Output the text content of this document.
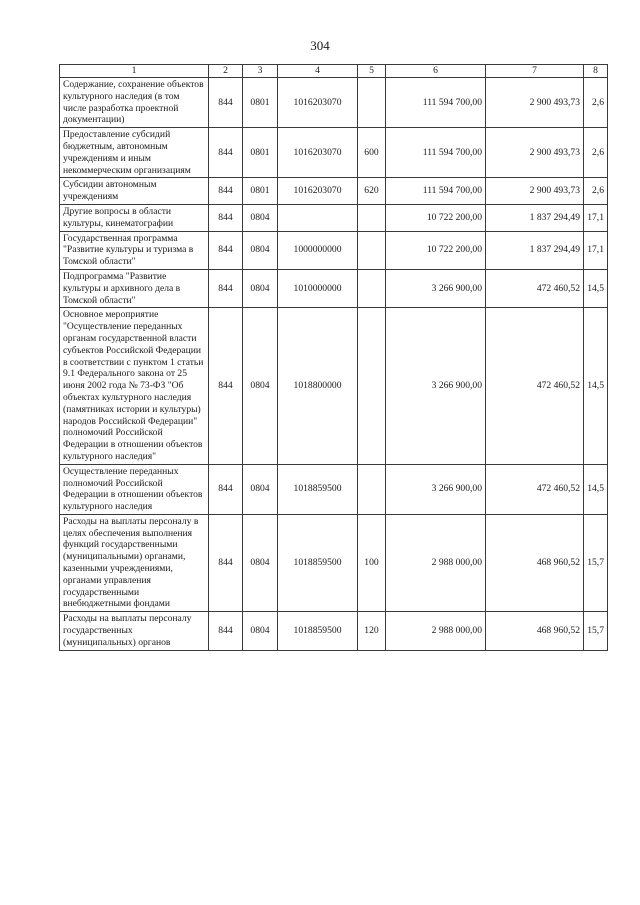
304
1	2	3	4	5	6	7	8
Содержание, сохранение объектов культурного наследия (в том числе разработка проектной документации)	844	0801	1016203070		111 594 700,00	2 900 493,73	2,6
Предоставление субсидий бюджетным, автономным учреждениям и иным некоммерческим организациям	844	0801	1016203070	600	111 594 700,00	2 900 493,73	2,6
Субсидии автономным учреждениям	844	0801	1016203070	620	111 594 700,00	2 900 493,73	2,6
Другие вопросы в области культуры, кинематографии	844	0804			10 722 200,00	1 837 294,49	17,1
Государственная программа "Развитие культуры и туризма в Томской области"	844	0804	1000000000		10 722 200,00	1 837 294,49	17,1
Подпрограмма "Развитие культуры и архивного дела в Томской области"	844	0804	1010000000		3 266 900,00	472 460,52	14,5
Основное мероприятие "Осуществление переданных органам государственной власти субъектов Российской Федерации в соответствии с пунктом 1 статьи 9.1 Федерального закона от 25 июня 2002 года № 73-ФЗ "Об объектах культурного наследия (памятниках истории и культуры) народов Российской Федерации" полномочий Российской Федерации в отношении объектов культурного наследия"	844	0804	1018800000		3 266 900,00	472 460,52	14,5
Осуществление переданных полномочий Российской Федерации в отношении объектов культурного наследия	844	0804	1018859500		3 266 900,00	472 460,52	14,5
Расходы на выплаты персоналу в целях обеспечения выполнения функций государственными (муниципальными) органами, казенными учреждениями, органами управления государственными внебюджетными фондами	844	0804	1018859500	100	2 988 000,00	468 960,52	15,7
Расходы на выплаты персоналу государственных (муниципальных) органов	844	0804	1018859500	120	2 988 000,00	468 960,52	15,7
